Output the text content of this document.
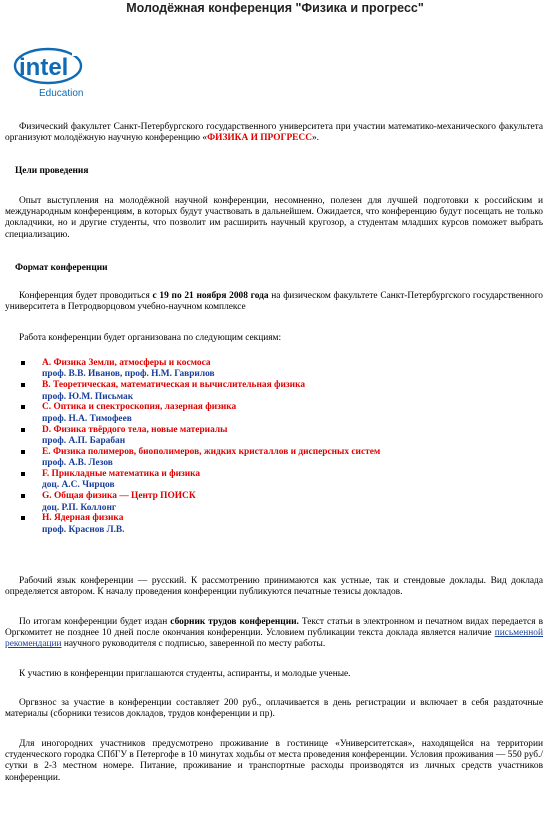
Молодёжная конференция "Физика и прогресс"
intel
Education

Физический факультет Санкт-Петербургского государственного университета при участии математико-механического факультета организуют молодёжную научную конференцию «ФИЗИКА И ПРОГРЕСС».

Цели проведения

Опыт выступления на молодёжной научной конференции, несомненно, полезен для лучшей подготовки к российским и международным конференциям, в которых будут участвовать в дальнейшем. Ожидается, что конференцию будут посещать не только докладчики, но и другие студенты, что позволит им расширить научный кругозор, а студентам младших курсов поможет выбрать специализацию.

Формат конференции

Конференция будет проводиться с 19 по 21 ноября 2008 года на физическом факультете Санкт-Петербургского государственного университета в Петродворцовом учебно-научном комплексе

Работа конференции будет организована по следующим секциям:

A. Физика Земли, атмосферы и космоса
проф. В.В. Иванов, проф. Н.М. Гаврилов
B. Теоретическая, математическая и вычислительная физика
проф. Ю.М. Письмак
C. Оптика и спектроскопия, лазерная физика
проф. Н.А. Тимофеев
D. Физика твёрдого тела, новые материалы
проф. А.П. Барабан
E. Физика полимеров, биополимеров, жидких кристаллов и дисперсных систем
проф. А.В. Лезов
F. Прикладные математика и физика
доц. А.С. Чирцов
G. Общая физика — Центр ПОИСК
доц. Р.П. Коллонг
H. Ядерная физика
проф. Краснов Л.В.

Рабочий язык конференции — русский. К рассмотрению принимаются как устные, так и стендовые доклады. Вид доклада определяется автором. К началу проведения конференции публикуются печатные тезисы докладов.

По итогам конференции будет издан сборник трудов конференции. Текст статьи в электронном и печатном видах передается в Оргкомитет не позднее 10 дней после окончания конференции. Условием публикации текста доклада является наличие письменной рекомендации научного руководителя с подписью, заверенной по месту работы.

К участию в конференции приглашаются студенты, аспиранты, и молодые ученые.

Оргвзнос за участие в конференции составляет 200 руб., оплачивается в день регистрации и включает в себя раздаточные материалы (сборники тезисов докладов, трудов конференции и пр).

Для иногородних участников предусмотрено проживание в гостинице «Университетская», находящейся на территории студенческого городка СПбГУ в Петергофе в 10 минутах ходьбы от места проведения конференции. Условия проживания — 550 руб./сутки в 2-3 местном номере. Питание, проживание и транспортные расходы производятся из личных средств участников конференции.
